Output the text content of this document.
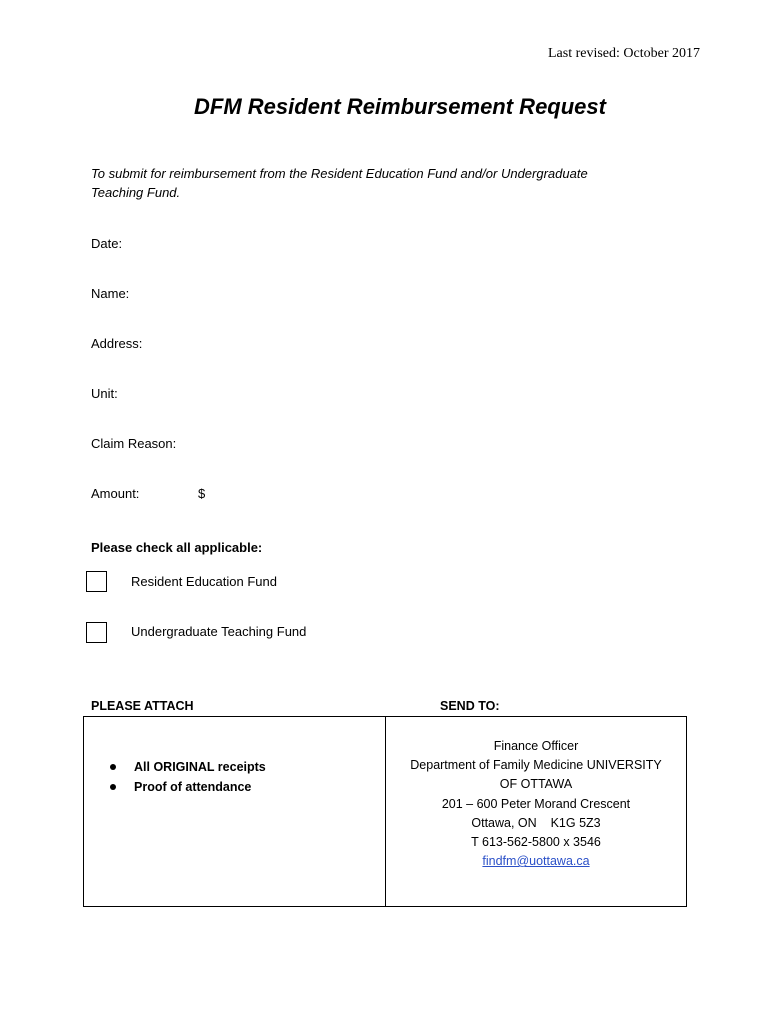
Last revised: October 2017
DFM Resident Reimbursement Request
To submit for reimbursement from the Resident Education Fund and/or Undergraduate
Teaching Fund.
Date:
Name:
Address:
Unit:
Claim Reason:
Amount:	$
Please check all applicable:
Resident Education Fund
Undergraduate Teaching Fund
PLEASE ATTACH	SEND TO:
All ORIGINAL receipts
Proof of attendance
Finance Officer
Department of Family Medicine UNIVERSITY
OF OTTAWA
201 – 600 Peter Morand Crescent
Ottawa, ON    K1G 5Z3
T 613-562-5800 x 3546
findfm@uottawa.ca
